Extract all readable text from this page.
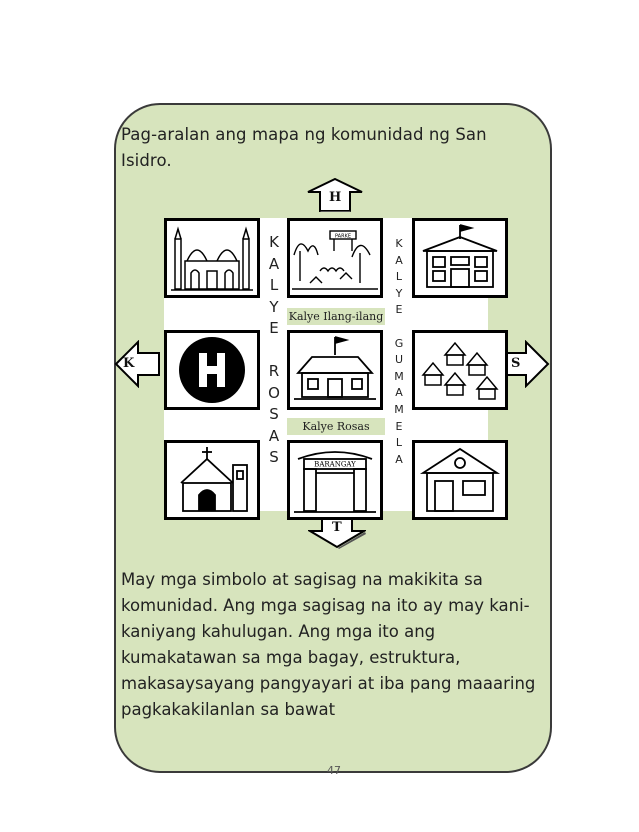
Pag-aralan ang mapa ng komunidad ng San Isidro.
H
T
K	S
K
A
L
Y
E

R
O
S
A
S
K
A
L
Y
E

G
U
M
A
M
E
L
A
Kalye Ilang-ilang
Kalye Rosas
PARKE
BARANGAY
May mga simbolo at sagisag na makikita sa komunidad. Ang mga sagisag na ito ay may kani-kaniyang kahulugan. Ang mga ito ang kumakatawan sa mga bagay, estruktura, makasaysayang pangyayari at iba pang maaaring pagkakakilanlan sa bawat
47
